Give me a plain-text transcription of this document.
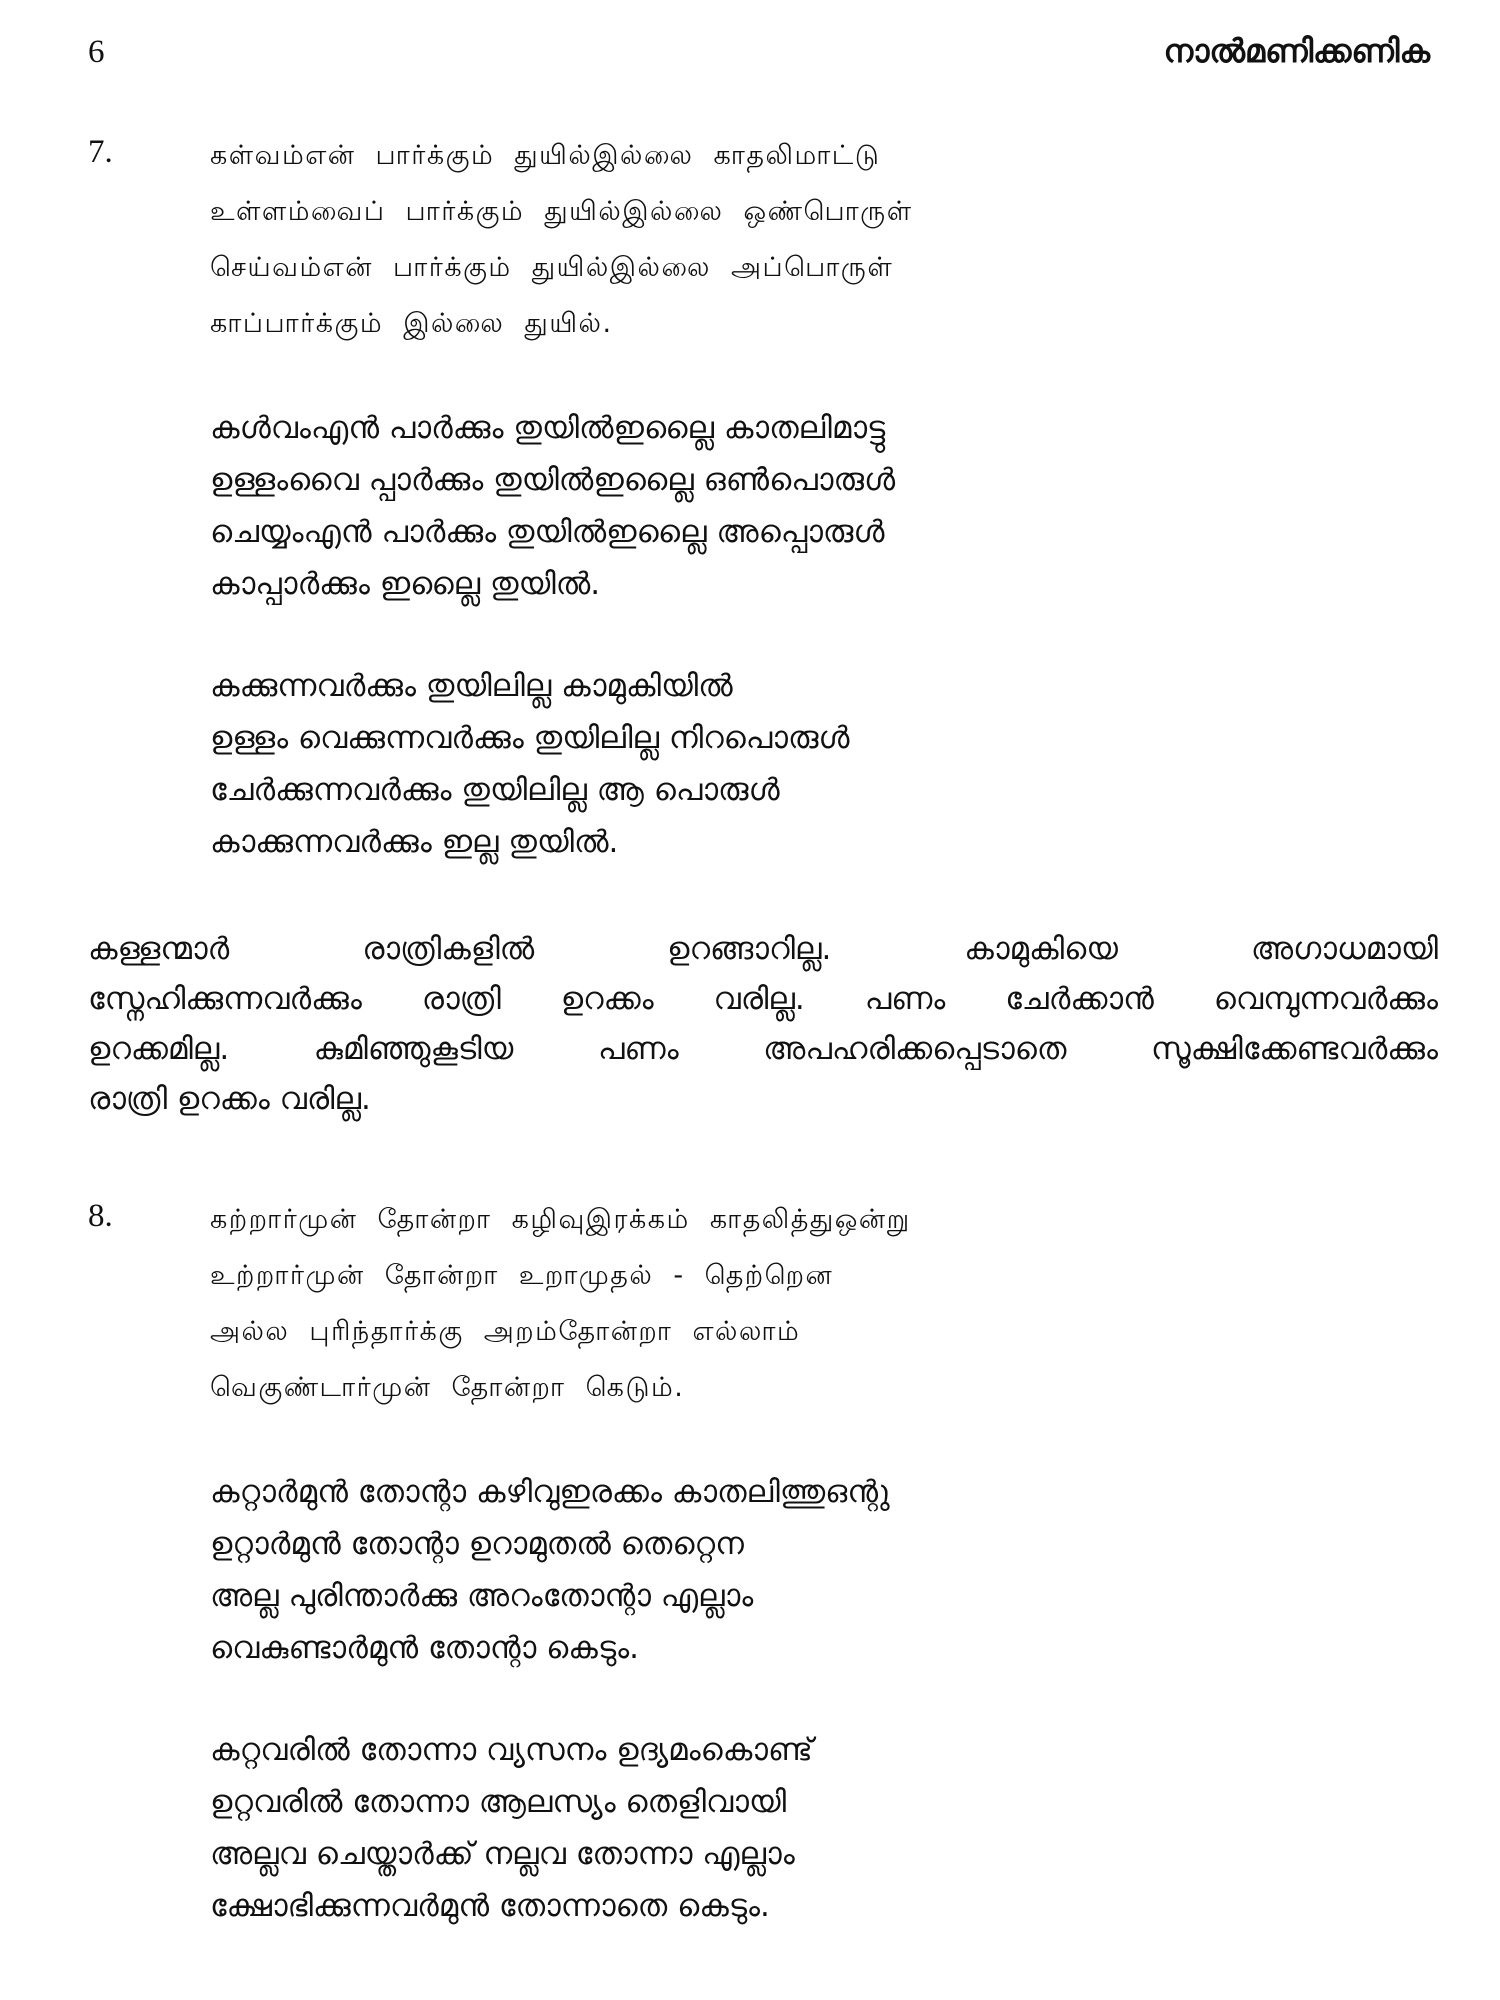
6	നാൽമണിക്കണിക
7.	கள்வம்என் பார்க்கும் துயில்இல்லை காதலிமாட்டு
உள்ளம்வைப் பார்க்கும் துயில்இல்லை ஒண்பொருள்
செய்வம்என் பார்க்கும் துயில்இல்லை அப்பொருள்
காப்பார்க்கும் இல்லை துயில்.
കൾവംഎൻ പാർക്കും തുയിൽഇല്ലൈ കാതലിമാട്ടു
ഉള്ളംവൈ പ്പാർക്കും തുയിൽഇല്ലൈ ഒൺപൊരുൾ
ചെയ്യംഎൻ പാർക്കും തുയിൽഇല്ലൈ അപ്പൊരുൾ
കാപ്പാർക്കും ഇല്ലൈ തുയിൽ.
കക്കുന്നവർക്കും തുയിലില്ല കാമുകിയിൽ
ഉള്ളം വെക്കുന്നവർക്കും തുയിലില്ല നിറപൊരുൾ
ചേർക്കുന്നവർക്കും തുയിലില്ല ആ പൊരുൾ
കാക്കുന്നവർക്കും ഇല്ല തുയിൽ.
കള്ളന്മാർ രാത്രികളിൽ ഉറങ്ങാറില്ല. കാമുകിയെ അഗാധമായി
സ്നേഹിക്കുന്നവർക്കും രാത്രി ഉറക്കം വരില്ല. പണം ചേർക്കാൻ വെമ്പുന്നവർക്കും
ഉറക്കമില്ല. കുമിഞ്ഞുകൂടിയ പണം അപഹരിക്കപ്പെടാതെ സൂക്ഷിക്കേണ്ടവർക്കും
രാത്രി ഉറക്കം വരില്ല.
8.	கற்றார்முன் தோன்றா கழிவுஇரக்கம் காதலித்துஒன்று
உற்றார்முன் தோன்றா உறாமுதல் - தெற்றென
அல்ல புரிந்தார்க்கு அறம்தோன்றா எல்லாம்
வெகுண்டார்முன் தோன்றா கெடும்.
കറ്റാർമുൻ തോന്റാ കഴിവുഇരക്കം കാതലിത്തുഒന്റു
ഉറ്റാർമുൻ തോന്റാ ഉറാമുതൽ തെറ്റെന
അല്ല പുരിന്താർക്കു അറംതോന്റാ എല്ലാം
വെകുണ്ടാർമുൻ തോന്റാ കെടും.
കറ്റവരിൽ തോന്നാ വ്യസനം ഉദ്യമംകൊണ്ട്
ഉറ്റവരിൽ തോന്നാ ആലസ്യം തെളിവായി
അല്ലവ ചെയ്താർക്ക് നല്ലവ തോന്നാ എല്ലാം
ക്ഷോഭിക്കുന്നവർമുൻ തോന്നാതെ കെടും.
